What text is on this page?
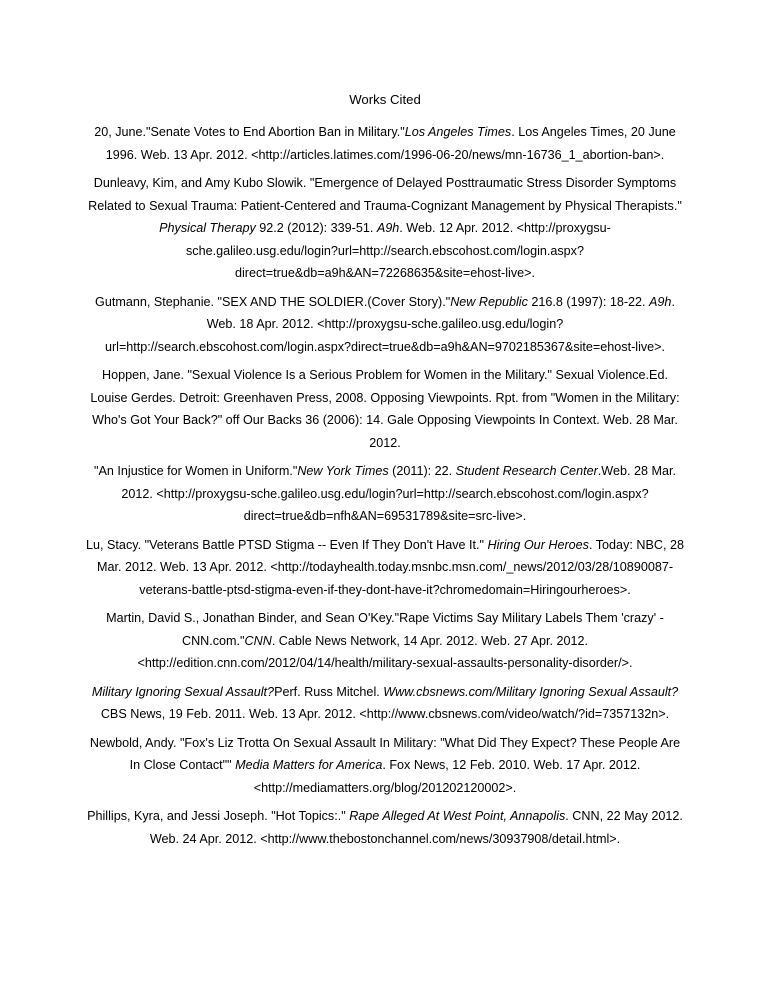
Works Cited
20, June."Senate Votes to End Abortion Ban in Military."Los Angeles Times. Los Angeles Times, 20 June 1996. Web. 13 Apr. 2012. <http://articles.latimes.com/1996-06-20/news/mn-16736_1_abortion-ban>.
Dunleavy, Kim, and Amy Kubo Slowik. "Emergence of Delayed Posttraumatic Stress Disorder Symptoms Related to Sexual Trauma: Patient-Centered and Trauma-Cognizant Management by Physical Therapists." Physical Therapy 92.2 (2012): 339-51. A9h. Web. 12 Apr. 2012. <http://proxygsu-sche.galileo.usg.edu/login?url=http://search.ebscohost.com/login.aspx?direct=true&db=a9h&AN=72268635&site=ehost-live>.
Gutmann, Stephanie. "SEX AND THE SOLDIER.(Cover Story)."New Republic 216.8 (1997): 18-22. A9h. Web. 18 Apr. 2012. <http://proxygsu-sche.galileo.usg.edu/login?url=http://search.ebscohost.com/login.aspx?direct=true&db=a9h&AN=9702185367&site=ehost-live>.
Hoppen, Jane. "Sexual Violence Is a Serious Problem for Women in the Military." Sexual Violence.Ed. Louise Gerdes. Detroit: Greenhaven Press, 2008. Opposing Viewpoints. Rpt. from "Women in the Military: Who's Got Your Back?" off Our Backs 36 (2006): 14. Gale Opposing Viewpoints In Context. Web. 28 Mar. 2012.
"An Injustice for Women in Uniform."New York Times (2011): 22. Student Research Center.Web. 28 Mar. 2012. <http://proxygsu-sche.galileo.usg.edu/login?url=http://search.ebscohost.com/login.aspx?direct=true&db=nfh&AN=69531789&site=src-live>.
Lu, Stacy. "Veterans Battle PTSD Stigma -- Even If They Don't Have It." Hiring Our Heroes. Today: NBC, 28 Mar. 2012. Web. 13 Apr. 2012. <http://todayhealth.today.msnbc.msn.com/_news/2012/03/28/10890087-veterans-battle-ptsd-stigma-even-if-they-dont-have-it?chromedomain=Hiringourheroes>.
Martin, David S., Jonathan Binder, and Sean O'Key."Rape Victims Say Military Labels Them 'crazy' - CNN.com."CNN. Cable News Network, 14 Apr. 2012. Web. 27 Apr. 2012. <http://edition.cnn.com/2012/04/14/health/military-sexual-assaults-personality-disorder/>.
Military Ignoring Sexual Assault?Perf. Russ Mitchel. Www.cbsnews.com/Military Ignoring Sexual Assault? CBS News, 19 Feb. 2011. Web. 13 Apr. 2012. <http://www.cbsnews.com/video/watch/?id=7357132n>.
Newbold, Andy. "Fox's Liz Trotta On Sexual Assault In Military: "What Did They Expect? These People Are In Close Contact"" Media Matters for America. Fox News, 12 Feb. 2010. Web. 17 Apr. 2012. <http://mediamatters.org/blog/201202120002>.
Phillips, Kyra, and Jessi Joseph. "Hot Topics:." Rape Alleged At West Point, Annapolis. CNN, 22 May 2012. Web. 24 Apr. 2012. <http://www.thebostonchannel.com/news/30937908/detail.html>.
